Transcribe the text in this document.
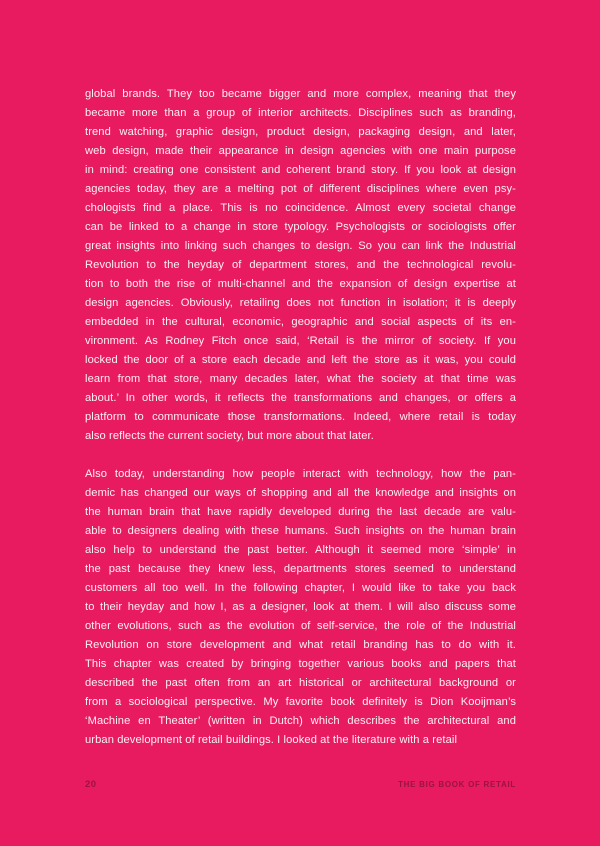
global brands. They too became bigger and more complex, meaning that they
became more than a group of interior architects. Disciplines such as branding,
trend watching, graphic design, product design, packaging design, and later,
web design, made their appearance in design agencies with one main purpose
in mind: creating one consistent and coherent brand story. If you look at design
agencies today, they are a melting pot of different disciplines where even psy-
chologists find a place. This is no coincidence. Almost every societal change
can be linked to a change in store typology. Psychologists or sociologists offer
great insights into linking such changes to design. So you can link the Industrial
Revolution to the heyday of department stores, and the technological revolu-
tion to both the rise of multi-channel and the expansion of design expertise at
design agencies. Obviously, retailing does not function in isolation; it is deeply
embedded in the cultural, economic, geographic and social aspects of its en-
vironment. As Rodney Fitch once said, ‘Retail is the mirror of society. If you
locked the door of a store each decade and left the store as it was, you could
learn from that store, many decades later, what the society at that time was
about.’ In other words, it reflects the transformations and changes, or offers a
platform to communicate those transformations. Indeed, where retail is today
also reflects the current society, but more about that later.
Also today, understanding how people interact with technology, how the pan-
demic has changed our ways of shopping and all the knowledge and insights on
the human brain that have rapidly developed during the last decade are valu-
able to designers dealing with these humans. Such insights on the human brain
also help to understand the past better. Although it seemed more ‘simple’ in
the past because they knew less, departments stores seemed to understand
customers all too well. In the following chapter, I would like to take you back
to their heyday and how I, as a designer, look at them. I will also discuss some
other evolutions, such as the evolution of self-service, the role of the Industrial
Revolution on store development and what retail branding has to do with it.
This chapter was created by bringing together various books and papers that
described the past often from an art historical or architectural background or
from a sociological perspective. My favorite book definitely is Dion Kooijman’s
‘Machine en Theater’ (written in Dutch) which describes the architectural and
urban development of retail buildings. I looked at the literature with a retail
20	THE BIG BOOK OF RETAIL
